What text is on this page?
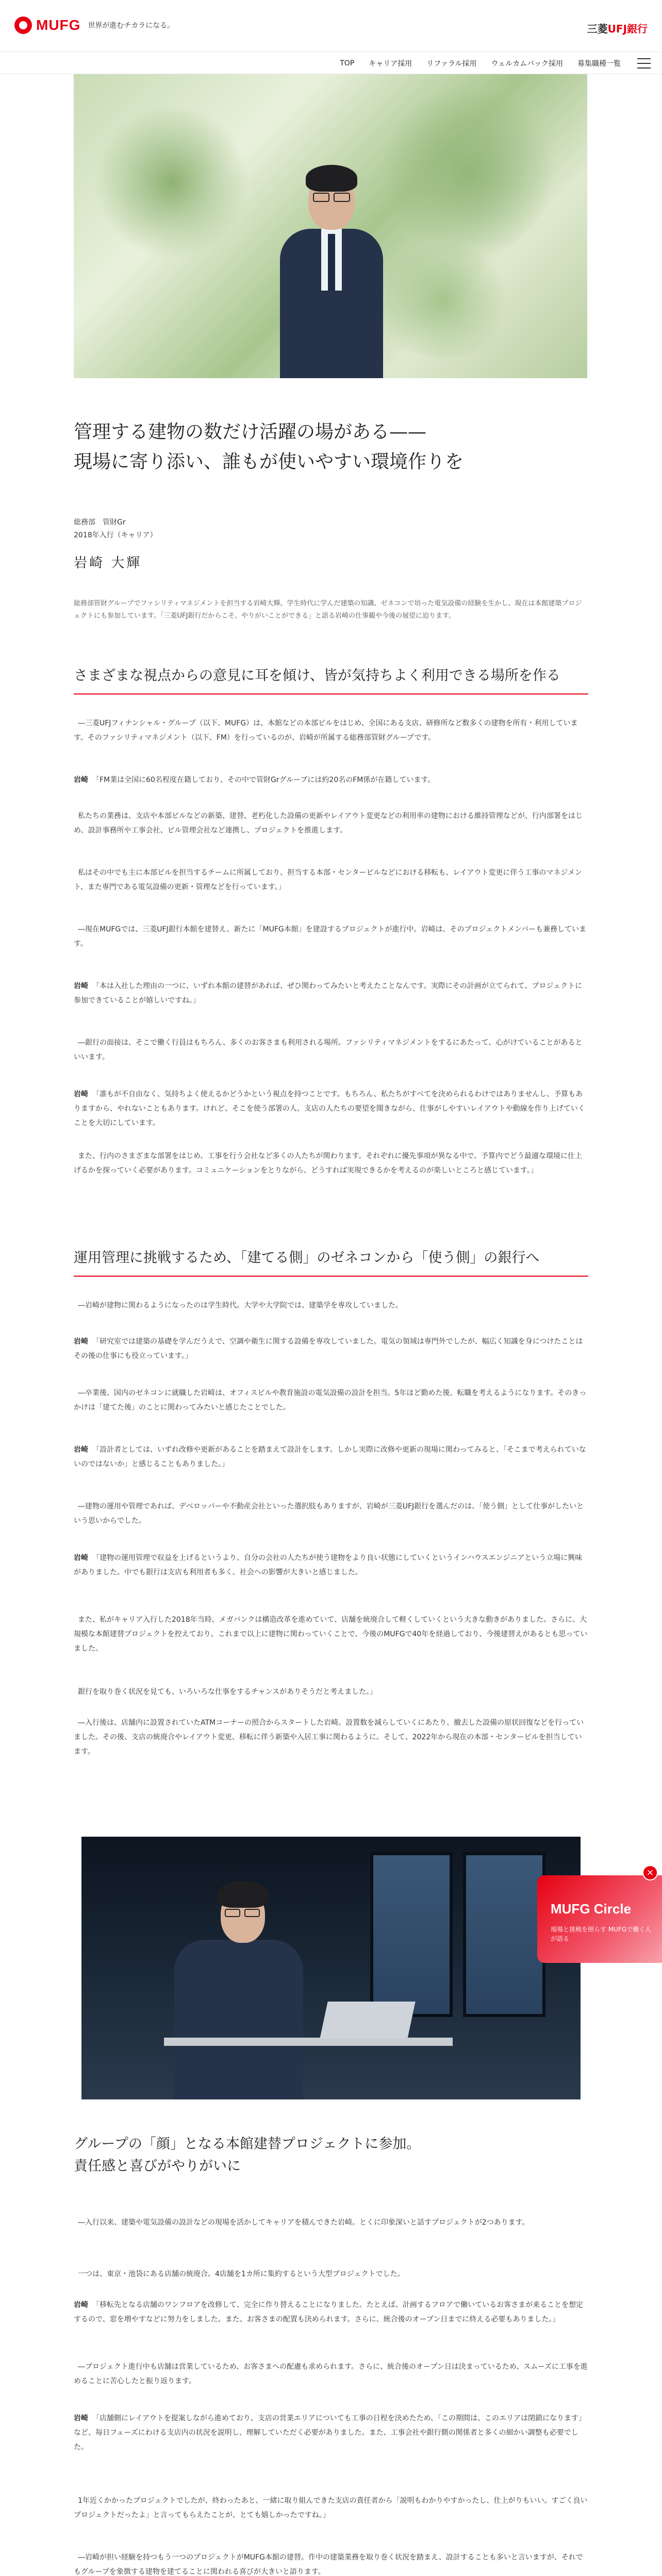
MUFG 世界が進むチカラになる。	三菱UFJ銀行
TOP キャリア採用 リファラル採用 ウェルカムバック採用 募集職種一覧
管理する建物の数だけ活躍の場がある——
現場に寄り添い、誰もが使いやすい環境作りを
総務部　管財Gr
2018年入行（キャリア）
岩崎 大輝

総務部管財グループでファシリティマネジメントを担当する岩崎大輝。学生時代に学んだ建築の知識、ゼネコンで培った電気設備の経験を生かし、現在は本館建築プロジェクトにも参加しています。「三菱UFJ銀行だからこそ、やりがいことができる」と語る岩崎の仕事観や今後の展望に迫ります。

さまざまな視点からの意見に耳を傾け、皆が気持ちよく利用できる場所を作る

―三菱UFJフィナンシャル・グループ（以下、MUFG）は、本館などの本部ビルをはじめ、全国にある支店、研修所など数多くの建物を所有・利用しています。そのファシリティマネジメント（以下、FM）を行っているのが、岩崎が所属する総務部管財グループです。

岩崎 「FM業は全国に60名程度在籍しており、その中で管財Grグループには約20名のFM係が在籍しています。

私たちの業務は、支店や本部ビルなどの新築、建替、老朽化した設備の更新やレイアウト変更などの利用率の建物における維持管理などが、行内部署をはじめ、設計事務所や工事会社、ビル管理会社など連携し、プロジェクトを推進します。

私はその中でも主に本部ビルを担当するチームに所属しており、担当する本部・センタービルなどにおける移転も、レイアウト変更に伴う工事のマネジメント、また専門である電気設備の更新・管理などを行っています。」

―現在MUFGでは、三菱UFJ銀行本館を建替え、新たに「MUFG本館」を建設するプロジェクトが進行中。岩崎は、そのプロジェクトメンバーも兼務しています。

岩崎 「本は入社した理由の一つに、いずれ本館の建替があれば、ぜひ関わってみたいと考えたことなんです。実際にその計画が立てられて、プロジェクトに参加できていることが嬉しいですね。」

―銀行の面接は、そこで働く行員はもちろん、多くのお客さまも利用される場所。ファシリティマネジメントをするにあたって、心がけていることがあるといいます。

岩崎 「誰もが不自由なく、気持ちよく使えるかどうかという視点を持つことです。もちろん、私たちがすべてを決められるわけではありませんし、予算もありますから、やれないこともあります。けれど、そこを使う部署の人、支店の人たちの要望を聞きながら、仕事がしやすいレイアウトや動線を作り上げていくことを大切にしています。

また、行内のさまざまな部署をはじめ、工事を行う会社など多くの人たちが関わります。それぞれに優先事項が異なる中で、予算内でどう最適な環境に仕上げるかを探っていく必要があります。コミュニケーションをとりながら、どうすれば実現できるかを考えるのが楽しいところと感じています。」

運用管理に挑戦するため、「建てる側」のゼネコンから「使う側」の銀行へ

―岩崎が建物に関わるようになったのは学生時代。大学や大学院では、建築学を専攻していました。

岩崎 「研究室では建築の基礎を学んだうえで、空調や衛生に関する設備を専攻していました。電気の領域は専門外でしたが、幅広く知識を身につけたことはその後の仕事にも役立っています。」

―卒業後、国内のゼネコンに就職した岩崎は、オフィスビルや教育施設の電気設備の設計を担当。5年ほど勤めた後、転職を考えるようになります。そのきっかけは「建てた後」のことに関わってみたいと感じたことでした。

岩崎 「設計者としては、いずれ改修や更新があることを踏まえて設計をします。しかし実際に改修や更新の現場に関わってみると、「そこまで考えられていないのではないか」と感じることもありました。」

―建物の運用や管理であれば、デベロッパーや不動産会社といった選択肢もありますが、岩崎が三菱UFJ銀行を選んだのは、「使う側」として仕事がしたいという思いからでした。

岩崎 「建物の運用管理で収益を上げるというより、自分の会社の人たちが使う建物をより良い状態にしていくというインハウスエンジニアという立場に興味がありました。中でも銀行は支店も利用者も多く、社会への影響が大きいと感じました。

また、私がキャリア入行した2018年当時、メガバンクは構造改革を進めていて、店舗を統廃合して軽くしていくという大きな動きがありました。さらに、大規模な本館建替プロジェクトを控えており、これまで以上に建物に関わっていくことで、今後のMUFGで40年を経過しており、今後建替えがあるとも思っていました。

銀行を取り巻く状況を見ても、いろいろな仕事をするチャンスがありそうだと考えました。」

―入行後は、店舗内に設置されていたATMコーナーの照合からスタートした岩崎。設置数を減らしていくにあたり、撤去した設備の原状回復などを行っていました。その後、支店の統廃合やレイアウト変更、移転に伴う新築や入居工事に関わるように。そして、2022年から現在の本部・センタービルを担当しています。

グループの「顔」となる本館建替プロジェクトに参加。
責任感と喜びがやりがいに

―入行以来、建築や電気設備の設計などの現場を活かしてキャリアを積んできた岩崎。とくに印象深いと話すプロジェクトが2つあります。

一つは、東京・池袋にある店舗の統廃合。4店舗を1カ所に集約するという大型プロジェクトでした。

岩崎 「移転先となる店舗のワンフロアを改修して、完全に作り替えることになりました。たとえば、計画するフロアで働いているお客さまが来ることを想定するので、窓を増やすなどに努力をしました。また、お客さまの配置も決められます。さらに、統合後のオープン日までに終える必要もありました。」

―プロジェクト進行中も店舗は営業しているため、お客さまへの配慮も求められます。さらに、統合後のオープン日は決まっているため、スムーズに工事を進めることに苦心したと振り返ります。

岩崎 「店舗側にレイアウトを提案しながら進めており、支店の営業エリアについても工事の日程を決めたため、「この期間は、このエリアは閉鎖になります」など、毎日フェーズにわける支店内の状況を説明し、理解していただく必要がありました。また、工事会社や銀行側の関係者と多くの細かい調整も必要でした。

1年近くかかったプロジェクトでしたが、終わったあと、一緒に取り組んできた支店の責任者から「説明もわかりやすかったし、仕上がりもいい。すごく良いプロジェクトだったよ」と言ってもらえたことが、とても嬉しかったですね。」

―岩崎が担い経験を持つもう一つのプロジェクトがMUFG本館の建替。作中の建築業務を取り巻く状況を踏まえ、設計することも多いと言いますが、それでもグループを象徴する建物を建てることに関われる喜びが大きいと語ります。

MUFG Circle
現場と挑戦を照らす MUFGで働く人が語る
×
